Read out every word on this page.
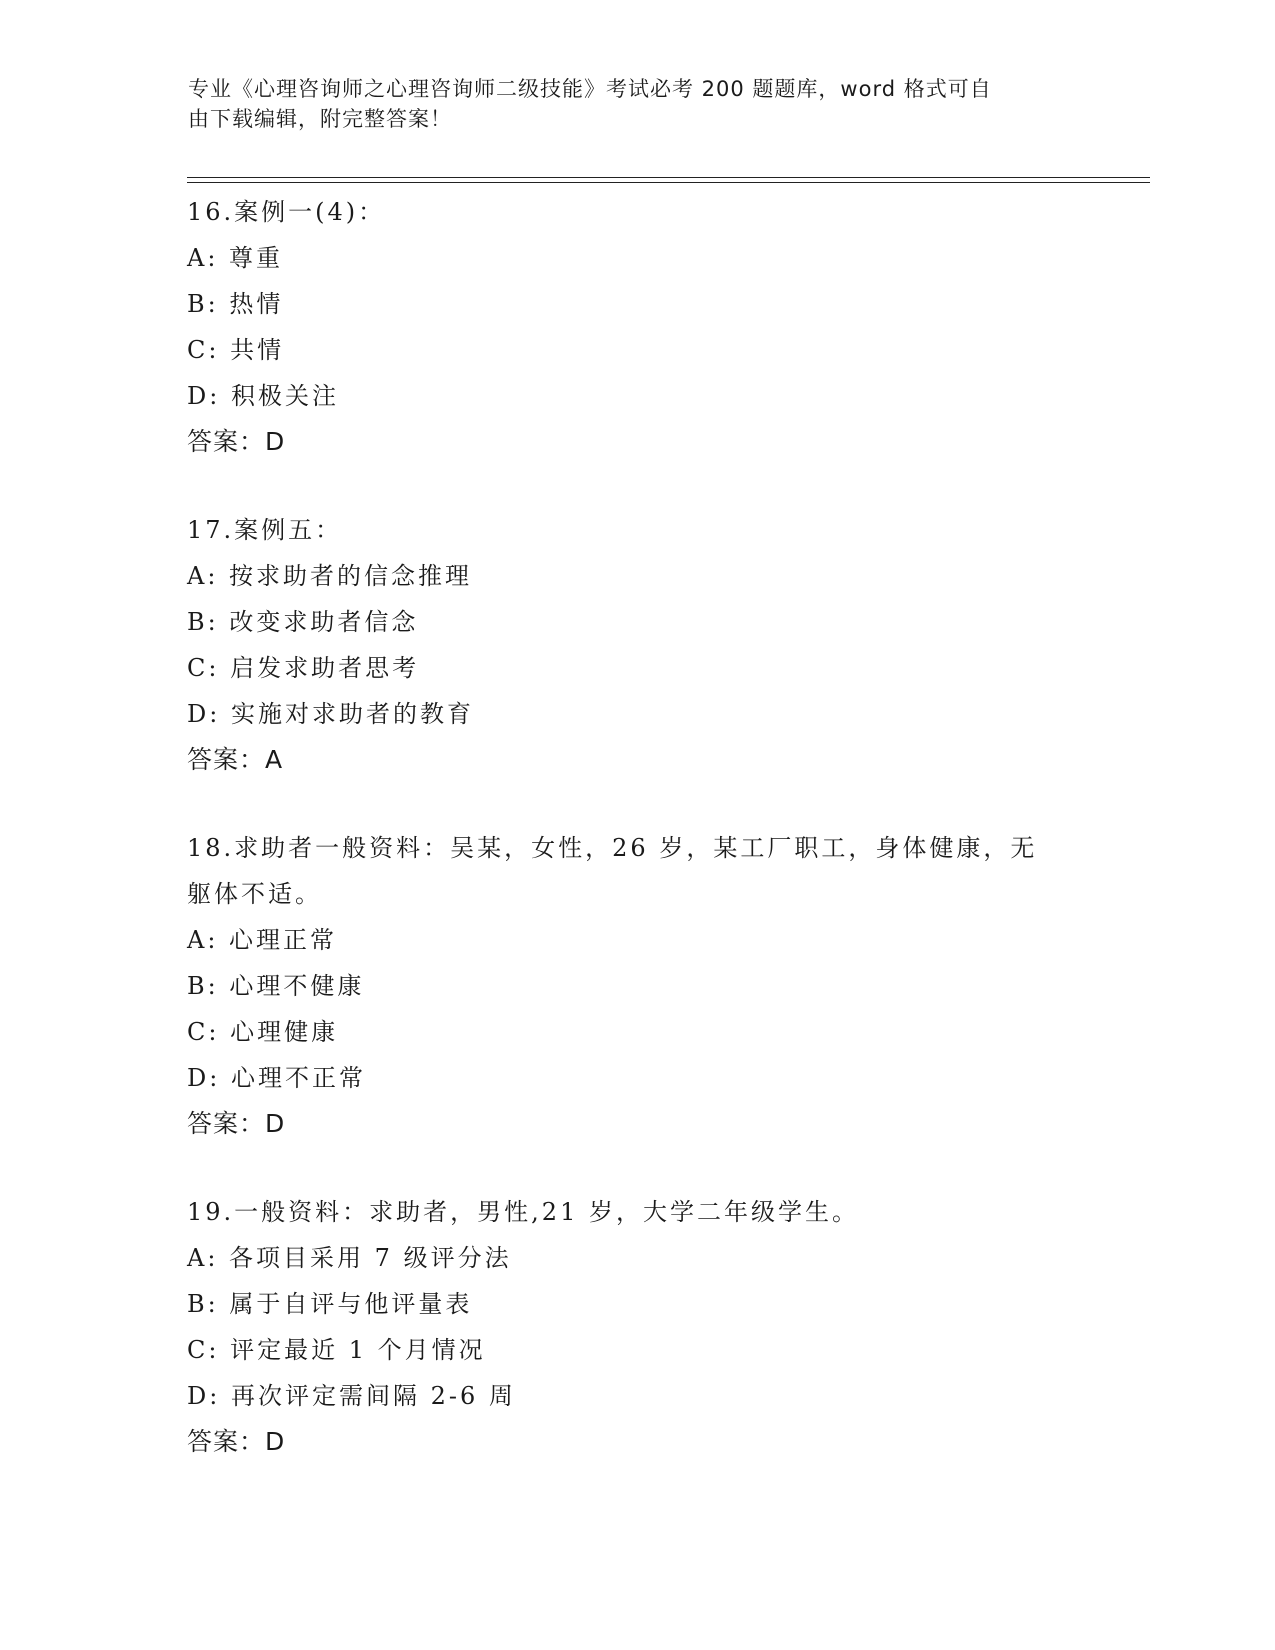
专业《心理咨询师之心理咨询师二级技能》考试必考 200 题题库，word 格式可自
由下载编辑，附完整答案！
16.案例一(4)：
A: 尊重
B: 热情
C: 共情
D: 积极关注
答案：D
17.案例五：
A: 按求助者的信念推理
B: 改变求助者信念
C: 启发求助者思考
D: 实施对求助者的教育
答案：A
18.求助者一般资料：吴某，女性，26 岁，某工厂职工，身体健康，无
躯体不适。
A: 心理正常
B: 心理不健康
C: 心理健康
D: 心理不正常
答案：D
19.一般资料：求助者，男性,21 岁，大学二年级学生。
A: 各项目采用 7 级评分法
B: 属于自评与他评量表
C: 评定最近 1 个月情况
D: 再次评定需间隔 2-6 周
答案：D
